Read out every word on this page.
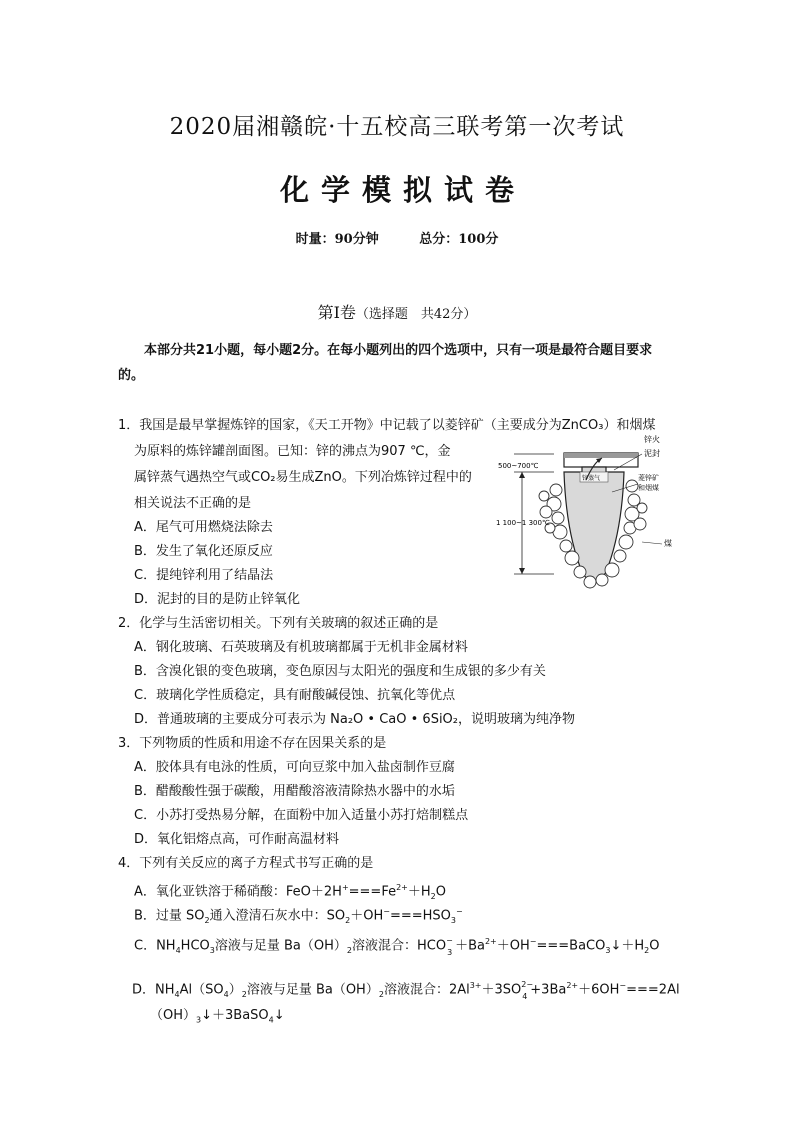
2020届湘赣皖·十五校高三联考第一次考试
化学模拟试卷
时量：90分钟	总分：100分
第Ⅰ卷（选择题　共42分）
本部分共21小题，每小题2分。在每小题列出的四个选项中，只有一项是最符合题目要求的。
1．我国是最早掌握炼锌的国家，《天工开物》中记载了以菱锌矿（主要成分为ZnCO₃）和烟煤
为原料的炼锌罐剖面图。已知：锌的沸点为907 ℃，金
属锌蒸气遇热空气或CO₂易生成ZnO。下列冶炼锌过程中的
相关说法不正确的是
A．尾气可用燃烧法除去
B．发生了氧化还原反应
C．提纯锌利用了结晶法
D．泥封的目的是防止锌氧化
500~700℃
1 100~1 300℃
锌火
泥封
锌蒸气	菱锌矿
和烟煤
煤
2．化学与生活密切相关。下列有关玻璃的叙述正确的是
A．钢化玻璃、石英玻璃及有机玻璃都属于无机非金属材料
B．含溴化银的变色玻璃，变色原因与太阳光的强度和生成银的多少有关
C．玻璃化学性质稳定，具有耐酸碱侵蚀、抗氧化等优点
D．普通玻璃的主要成分可表示为 Na₂O • CaO • 6SiO₂，说明玻璃为纯净物
3．下列物质的性质和用途不存在因果关系的是
A．胶体具有电泳的性质，可向豆浆中加入盐卤制作豆腐
B．醋酸酸性强于碳酸，用醋酸溶液清除热水器中的水垢
C．小苏打受热易分解，在面粉中加入适量小苏打焙制糕点
D．氧化铝熔点高，可作耐高温材料
4．下列有关反应的离子方程式书写正确的是
A．氧化亚铁溶于稀硝酸：$FeO+2H^+===Fe^{2+}+H_2O$
B．过量 $SO_2$通入澄清石灰水中：$SO_2+OH^-===HSO_3^-$
C．$NH_4HCO_3$溶液与足量 $Ba(OH)_2$溶液混合：HCO −
$3 +Ba^{2+}+OH^-===BaCO_3↓+H_2O$
D．$NH_4Al(SO_4)_2$溶液与足量 $Ba(OH)_2$溶液混合：$2Al^{3+}+3SO$ 2−
$4 +3Ba^{2+}+6OH^-===2Al$
$(OH)_3↓+3BaSO_4↓$
